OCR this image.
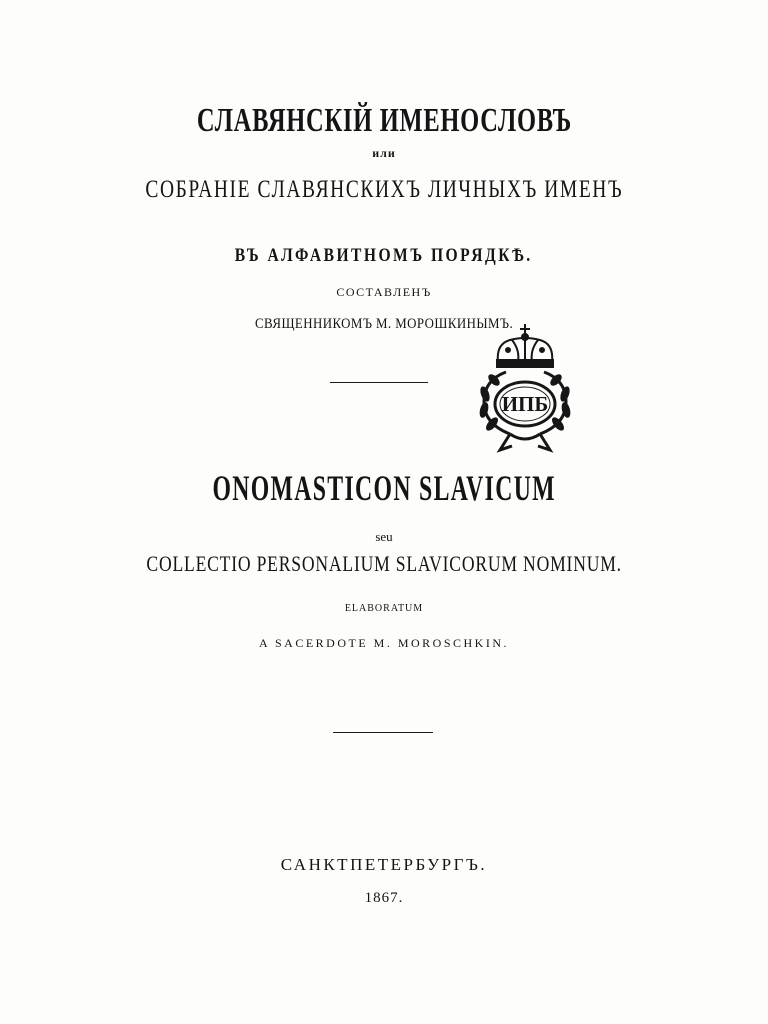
СЛАВЯНСКІЙ ИМЕНОСЛОВЪ
или
СОБРАНІЕ СЛАВЯНСКИХЪ ЛИЧНЫХЪ ИМЕНЪ
ВЪ АЛФАВИТНОМЪ ПОРЯДКѢ.
СОСТАВЛЕНЪ
СВЯЩЕННИКОМЪ М. МОРОШКИНЫМЪ.
ONOMASTICON SLAVICUM
seu
COLLECTIO PERSONALIUM SLAVICORUM NOMINUM.
ELABORATUM
A SACERDOTE M. MOROSCHKIN.
САНКТПЕТЕРБУРГЪ.
1867.
ИПБ
